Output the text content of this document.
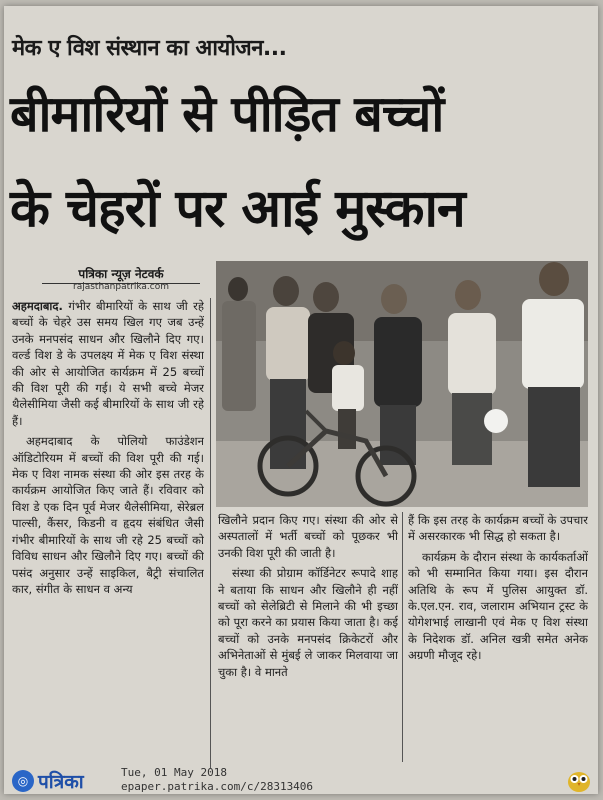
मेक ए विश संस्थान का आयोजन...
बीमारियों से पीड़ित बच्चों
के चेहरों पर आई मुस्कान
पत्रिका न्यूज़ नेटवर्क
rajasthanpatrika.com

अहमदाबाद. गंभीर बीमारियों के साथ जी रहे बच्चों के चेहरे उस समय खिल गए जब उन्हें उनके मनपसंद साधन और खिलौने दिए गए। वर्ल्ड विश डे के उपलक्ष्य में मेक ए विश संस्था की ओर से आयोजित कार्यक्रम में 25 बच्चों की विश पूरी की गई। ये सभी बच्चे मेजर थैलेसीमिया जैसी कई बीमारियों के साथ जी रहे हैं।

अहमदाबाद के पोलियो फाउंडेशन ऑडिटोरियम में बच्चों की विश पूरी की गई। मेक ए विश नामक संस्था की ओर इस तरह के कार्यक्रम आयोजित किए जाते हैं। रविवार को विश डे एक दिन पूर्व मेजर थैलेसीमिया, सेरेब्रल पाल्सी, कैंसर, किडनी व हृदय संबंधित जैसी गंभीर बीमारियों के साथ जी रहे 25 बच्चों को विविध साधन और खिलौने दिए गए। बच्चों की पसंद अनुसार उन्हें साइकिल, बैट्री संचालित कार, संगीत के साधन व अन्य

खिलौने प्रदान किए गए। संस्था की ओर से अस्पतालों में भर्ती बच्चों को पूछकर भी उनकी विश पूरी की जाती है।

संस्था की प्रोग्राम कॉर्डिनेटर रूपादे शाह ने बताया कि साधन और खिलौने ही नहीं बच्चों को सेलेब्रिटी से मिलाने की भी इच्छा को पूरा करने का प्रयास किया जाता है। कई बच्चों को उनके मनपसंद क्रिकेटरों और अभिनेताओं से मुंबई ले जाकर मिलवाया जा चुका है। वे मानते

हैं कि इस तरह के कार्यक्रम बच्चों के उपचार में असरकारक भी सिद्ध हो सकता है।

कार्यक्रम के दौरान संस्था के कार्यकर्ताओं को भी सम्मानित किया गया। इस दौरान अतिथि के रूप में पुलिस आयुक्त डॉ. के.एल.एन. राव, जलाराम अभियान ट्रस्ट के योगेशभाई लाखानी एवं मेक ए विश संस्था के निदेशक डॉ. अनिल खत्री समेत अनेक अग्रणी मौजूद रहे।

◎ पत्रिका	Tue, 01 May 2018
epaper.patrika.com/c/28313406
